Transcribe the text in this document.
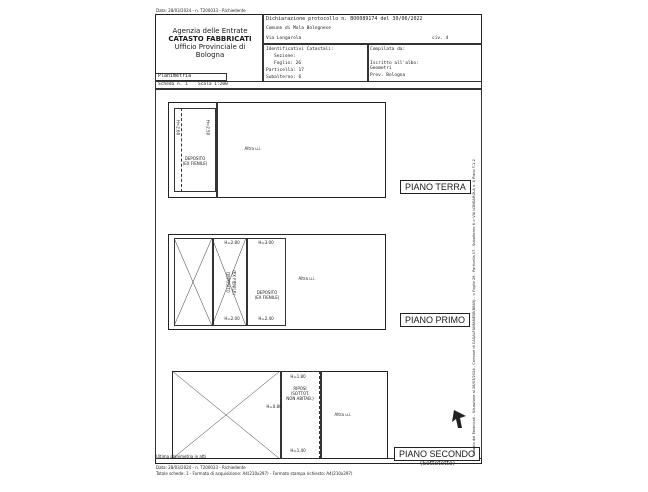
Data: 28/03/2024 - n. T200033 - Richiedente
Agenzia delle Entrate
CATASTO FABBRICATI
Ufficio Provinciale di
Bologna
Dichiarazione protocollo n. BO0089174 del 30/06/2022
Comune di Mola Bolognese
Via Longarola	civ. 4
Identificativi Catastali:
Sezione:
Foglio: 26
Particella: 17
Subalterno: 6
Compilata da:

Iscritto all'albo:
Geometri
Prov. Bologna
Planimetria
Scheda n. 1 Scala 1:200
DEPOSITO
(EX FIENILE)
Altra u.i.
H=2.60	H=2.50
PIANO TERRA
DEPOSITO (EX FIENILE)	DEPOSITO
(EX FIENILE)
Altra u.i.
H=2.80	H=3.00
H=2.00	H=2.40	PIANO PRIMO
RIPOSI
(SOTTOT.
NON ABITAB.)
Altra u.i.
H=1.80
H=0.80
H=1.40	PIANO SECONDO
(Sottotetto)
Catasto dei Fabbricati - Situazione al 28/03/2024 - Comune di CASALFIUMANESE(B849) - < Foglio 26 - Particella 17 - Subalterno 6 > VIA LONGAROLA n. 4 Piano T-1-2
Ultima planimetria in atti
Data: 28/03/2024 - n. T200033 - Richiedente
Totale schede: 1 - Formato di acquisizione: A4(210x297) - Formato stampa richiesto: A4(210x297)
